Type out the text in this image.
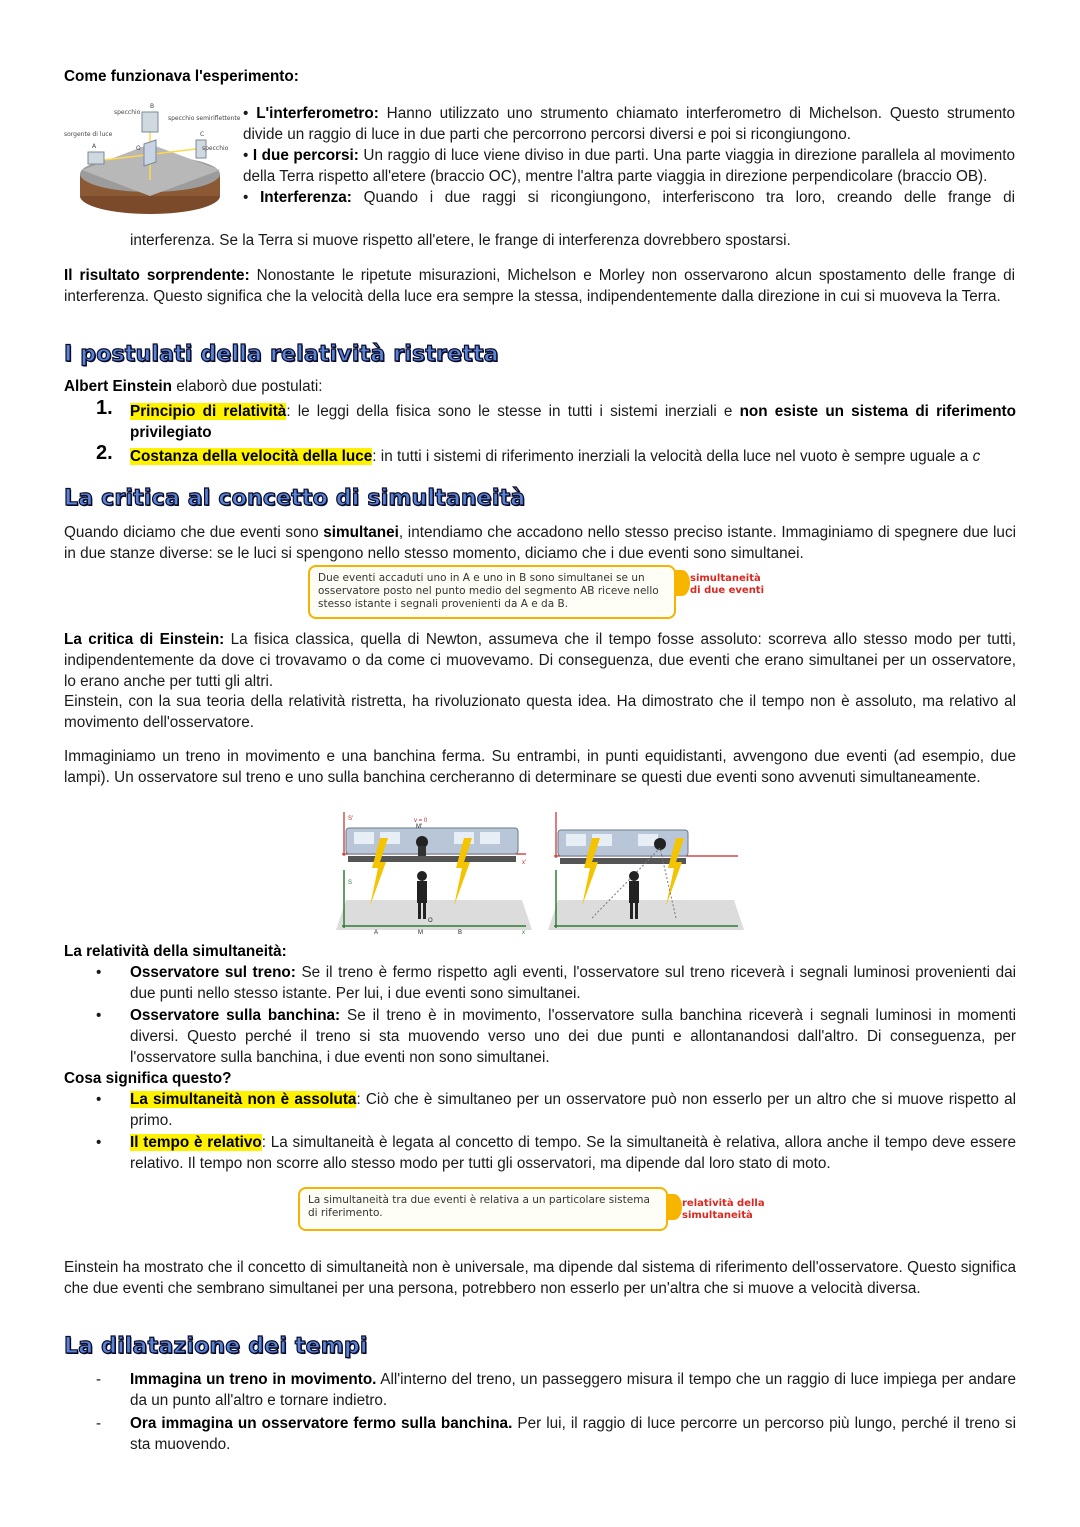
Come funzionava l'esperimento:
specchio
B
specchio semiriflettente
sorgente di luce
A	O
C
specchio

• L'interferometro: Hanno utilizzato uno strumento chiamato interferometro di Michelson. Questo strumento divide un raggio di luce in due parti che percorrono percorsi diversi e poi si ricongiungono.

• I due percorsi: Un raggio di luce viene diviso in due parti. Una parte viaggia in direzione parallela al movimento della Terra rispetto all'etere (braccio OC), mentre l'altra parte viaggia in direzione perpendicolare (braccio OB).

• Interferenza: Quando i due raggi si ricongiungono, interferiscono tra loro, creando delle frange di

interferenza. Se la Terra si muove rispetto all'etere, le frange di interferenza dovrebbero spostarsi.

Il risultato sorprendente: Nonostante le ripetute misurazioni, Michelson e Morley non osservarono alcun spostamento delle frange di interferenza. Questo significa che la velocità della luce era sempre la stessa, indipendentemente dalla direzione in cui si muoveva la Terra.

I postulati della relatività ristretta

Albert Einstein elaborò due postulati:

1. Principio di relatività: le leggi della fisica sono le stesse in tutti i sistemi inerziali e non esiste un sistema di riferimento privilegiato

2. Costanza della velocità della luce: in tutti i sistemi di riferimento inerziali la velocità della luce nel vuoto è sempre uguale a c

La critica al concetto di simultaneità

Quando diciamo che due eventi sono simultanei, intendiamo che accadono nello stesso preciso istante. Immaginiamo di spegnere due luci in due stanze diverse: se le luci si spengono nello stesso momento, diciamo che i due eventi sono simultanei.

Due eventi accaduti uno in A e uno in B sono simultanei se un osservatore posto nel punto medio del segmento AB riceve nello stesso istante i segnali provenienti da A e da B.
simultaneità di due eventi

La critica di Einstein: La fisica classica, quella di Newton, assumeva che il tempo fosse assoluto: scorreva allo stesso modo per tutti, indipendentemente da dove ci trovavamo o da come ci muovevamo. Di conseguenza, due eventi che erano simultanei per un osservatore, lo erano anche per tutti gli altri.

Einstein, con la sua teoria della relatività ristretta, ha rivoluzionato questa idea. Ha dimostrato che il tempo non è assoluto, ma relativo al movimento dell'osservatore.

Immaginiamo un treno in movimento e una banchina ferma. Su entrambi, in punti equidistanti, avvengono due eventi (ad esempio, due lampi). Un osservatore sul treno e uno sulla banchina cercheranno di determinare se questi due eventi sono avvenuti simultaneamente.

S'	v = 0
M'
S
A	M
O
B	x
x'
La relatività della simultaneità:
• Osservatore sul treno: Se il treno è fermo rispetto agli eventi, l'osservatore sul treno riceverà i segnali luminosi provenienti dai due punti nello stesso istante. Per lui, i due eventi sono simultanei.

• Osservatore sulla banchina: Se il treno è in movimento, l'osservatore sulla banchina riceverà i segnali luminosi in momenti diversi. Questo perché il treno si sta muovendo verso uno dei due punti e allontanandosi dall'altro. Di conseguenza, per l'osservatore sulla banchina, i due eventi non sono simultanei.

Cosa significa questo?
• La simultaneità non è assoluta: Ciò che è simultaneo per un osservatore può non esserlo per un altro che si muove rispetto al primo.

• Il tempo è relativo: La simultaneità è legata al concetto di tempo. Se la simultaneità è relativa, allora anche il tempo deve essere relativo. Il tempo non scorre allo stesso modo per tutti gli osservatori, ma dipende dal loro stato di moto.

La simultaneità tra due eventi è relativa a un particolare sistema di riferimento.
relatività della simultaneità

Einstein ha mostrato che il concetto di simultaneità non è universale, ma dipende dal sistema di riferimento dell'osservatore. Questo significa che due eventi che sembrano simultanei per una persona, potrebbero non esserlo per un'altra che si muove a velocità diversa.

La dilatazione dei tempi
- Immagina un treno in movimento. All'interno del treno, un passeggero misura il tempo che un raggio di luce impiega per andare da un punto all'altro e tornare indietro.

- Ora immagina un osservatore fermo sulla banchina. Per lui, il raggio di luce percorre un percorso più lungo, perché il treno si sta muovendo.
